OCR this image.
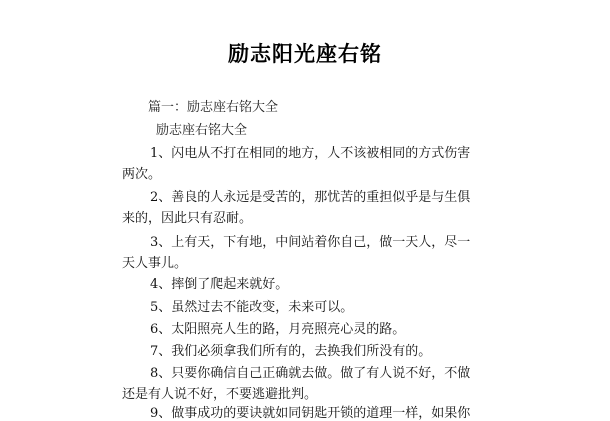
励志阳光座右铭
篇一：励志座右铭大全
励志座右铭大全
1、闪电从不打在相同的地方，人不该被相同的方式伤害
两次。
2、善良的人永远是受苦的，那忧苦的重担似乎是与生俱
来的，因此只有忍耐。
3、上有天，下有地，中间站着你自己，做一天人，尽一
天人事儿。
4、摔倒了爬起来就好。
5、虽然过去不能改变，未来可以。
6、太阳照亮人生的路，月亮照亮心灵的路。
7、我们必须拿我们所有的，去换我们所没有的。
8、只要你确信自己正确就去做。做了有人说不好，不做
还是有人说不好，不要逃避批判。
9、做事成功的要诀就如同钥匙开锁的道理一样，如果你
